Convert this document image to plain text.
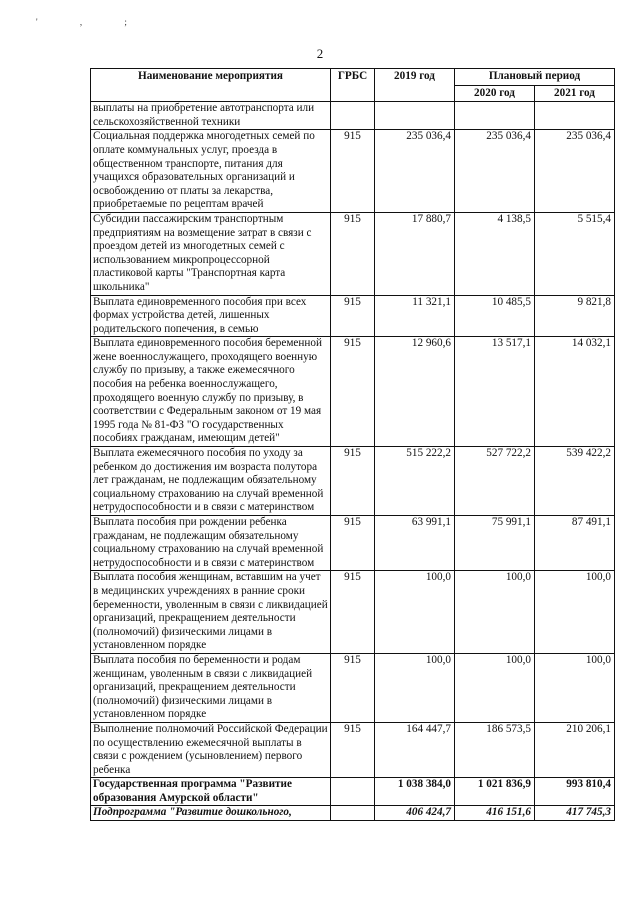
' , ;
2
Наименование мероприятия	ГРБС	2019 год	Плановый период	
			2020 год	2021 год
выплаты на приобретение автотранспорта или сельскохозяйственной техники				
Социальная поддержка многодетных семей по оплате коммунальных услуг, проезда в общественном транспорте, питания для учащихся образовательных организаций и освобождению от платы за лекарства, приобретаемые по рецептам врачей	915	235 036,4	235 036,4	235 036,4
Субсидии пассажирским транспортным предприятиям на возмещение затрат в связи с проездом детей из многодетных семей с использованием микропроцессорной пластиковой карты "Транспортная карта школьника"	915	17 880,7	4 138,5	5 515,4
Выплата единовременного пособия при всех формах устройства детей, лишенных родительского попечения, в семью	915	11 321,1	10 485,5	9 821,8
Выплата единовременного пособия беременной жене военнослужащего, проходящего военную службу по призыву, а также ежемесячного пособия на ребенка военнослужащего, проходящего военную службу по призыву, в соответствии с Федеральным законом от 19 мая 1995 года № 81-ФЗ "О государственных пособиях гражданам, имеющим детей"	915	12 960,6	13 517,1	14 032,1
Выплата ежемесячного пособия по уходу за ребенком до достижения им возраста полутора лет гражданам, не подлежащим обязательному социальному страхованию на случай временной нетрудоспособности и в связи с материнством	915	515 222,2	527 722,2	539 422,2
Выплата пособия при рождении ребенка гражданам, не подлежащим обязательному социальному страхованию на случай временной нетрудоспособности и в связи с материнством	915	63 991,1	75 991,1	87 491,1
Выплата пособия женщинам, вставшим на учет в медицинских учреждениях в ранние сроки беременности, уволенным в связи с ликвидацией организаций, прекращением деятельности (полномочий) физическими лицами в установленном порядке	915	100,0	100,0	100,0
Выплата пособия по беременности и родам женщинам, уволенным в связи с ликвидацией организаций, прекращением деятельности (полномочий) физическими лицами в установленном порядке	915	100,0	100,0	100,0
Выполнение полномочий Российской Федерации по осуществлению ежемесячной выплаты в связи с рождением (усыновлением) первого ребенка	915	164 447,7	186 573,5	210 206,1
Государственная программа "Развитие образования Амурской области"		1 038 384,0	1 021 836,9	993 810,4
Подпрограмма "Развитие дошкольного,		406 424,7	416 151,6	417 745,3
